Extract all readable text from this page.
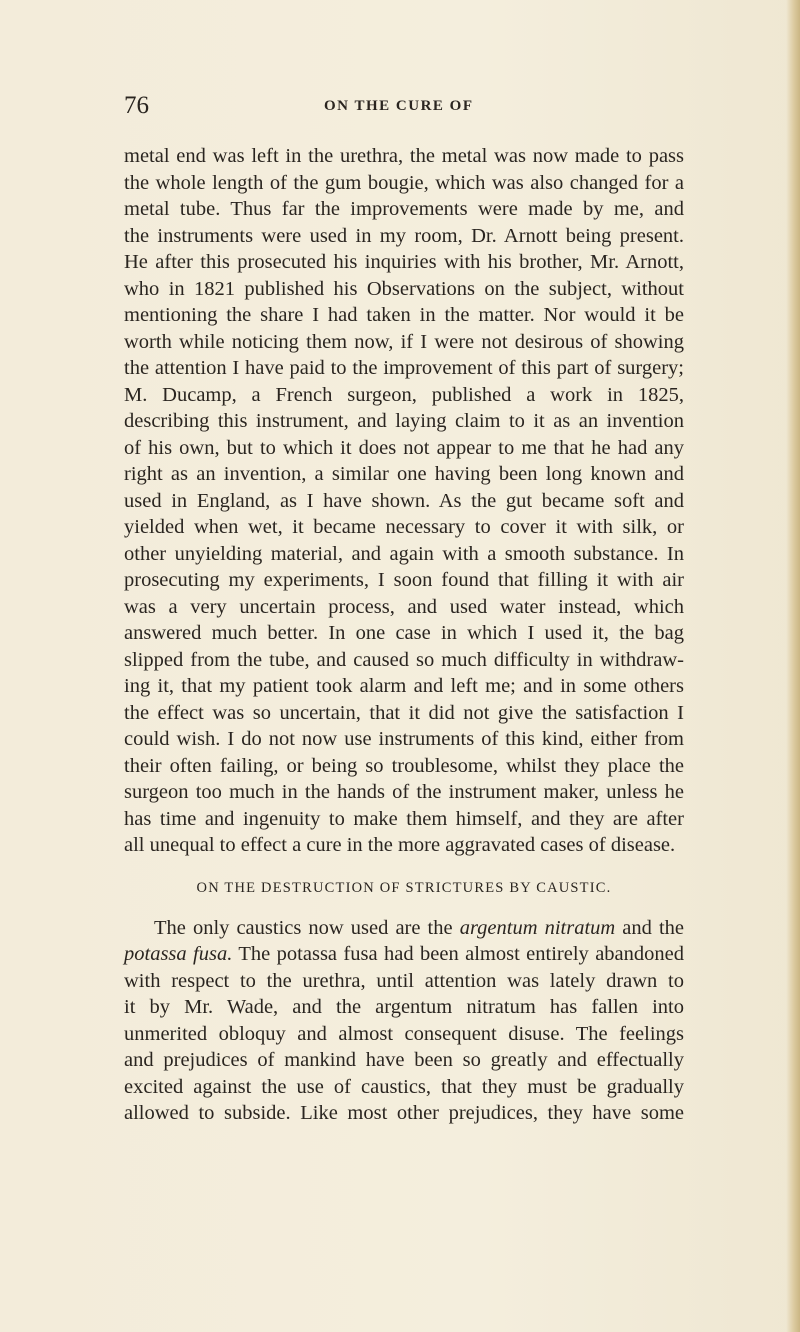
76	ON THE CURE OF
metal end was left in the urethra, the metal was now made to pass
the whole length of the gum bougie, which was also changed for a
metal tube. Thus far the improvements were made by me, and
the instruments were used in my room, Dr. Arnott being present.
He after this prosecuted his inquiries with his brother, Mr. Arnott,
who in 1821 published his Observations on the subject, without
mentioning the share I had taken in the matter. Nor would it be
worth while noticing them now, if I were not desirous of showing
the attention I have paid to the improvement of this part of surgery;
M. Ducamp, a French surgeon, published a work in 1825,
describing this instrument, and laying claim to it as an invention
of his own, but to which it does not appear to me that he had any
right as an invention, a similar one having been long known and
used in England, as I have shown. As the gut became soft and
yielded when wet, it became necessary to cover it with silk, or
other unyielding material, and again with a smooth substance. In
prosecuting my experiments, I soon found that filling it with air
was a very uncertain process, and used water instead, which
answered much better. In one case in which I used it, the bag
slipped from the tube, and caused so much difficulty in withdraw-
ing it, that my patient took alarm and left me; and in some others
the effect was so uncertain, that it did not give the satisfaction I
could wish. I do not now use instruments of this kind, either from
their often failing, or being so troublesome, whilst they place the
surgeon too much in the hands of the instrument maker, unless he
has time and ingenuity to make them himself, and they are after
all unequal to effect a cure in the more aggravated cases of disease.
ON THE DESTRUCTION OF STRICTURES BY CAUSTIC.
The only caustics now used are the argentum nitratum and the
potassa fusa. The potassa fusa had been almost entirely abandoned
with respect to the urethra, until attention was lately drawn to
it by Mr. Wade, and the argentum nitratum has fallen into
unmerited obloquy and almost consequent disuse. The feelings
and prejudices of mankind have been so greatly and effectually
excited against the use of caustics, that they must be gradually
allowed to subside. Like most other prejudices, they have some
